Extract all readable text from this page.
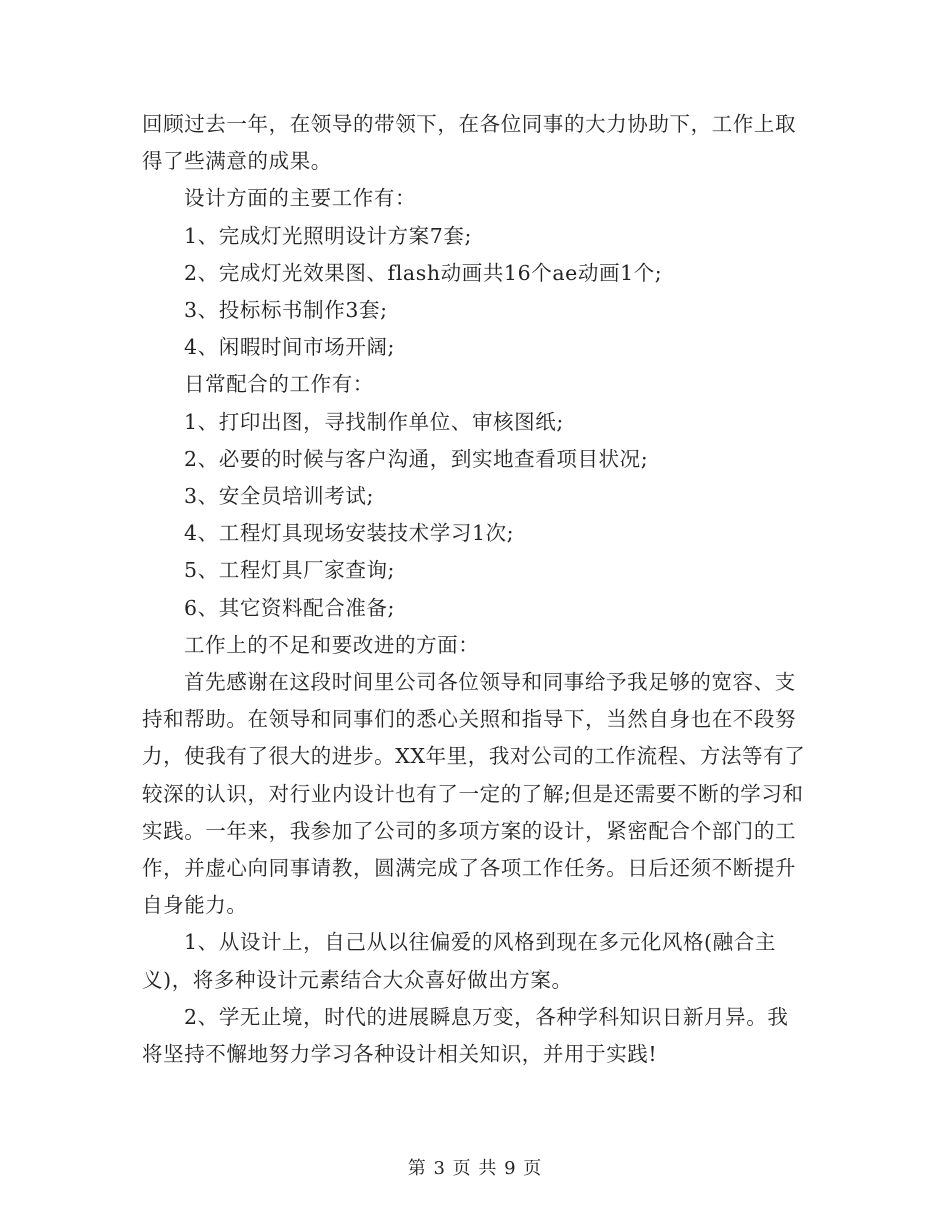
回顾过去一年，在领导的带领下，在各位同事的大力协助下，工作上取得了些满意的成果。

设计方面的主要工作有：

1、完成灯光照明设计方案7套;

2、完成灯光效果图、flash动画共16个ae动画1个;

3、投标标书制作3套;

4、闲暇时间市场开阔;

日常配合的工作有：

1、打印出图，寻找制作单位、审核图纸;

2、必要的时候与客户沟通，到实地查看项目状况;

3、安全员培训考试;

4、工程灯具现场安装技术学习1次;

5、工程灯具厂家查询;

6、其它资料配合准备;

工作上的不足和要改进的方面：

首先感谢在这段时间里公司各位领导和同事给予我足够的宽容、支持和帮助。在领导和同事们的悉心关照和指导下，当然自身也在不段努力，使我有了很大的进步。XX年里，我对公司的工作流程、方法等有了较深的认识，对行业内设计也有了一定的了解;但是还需要不断的学习和实践。一年来，我参加了公司的多项方案的设计，紧密配合个部门的工作，并虚心向同事请教，圆满完成了各项工作任务。日后还须不断提升自身能力。

1、从设计上，自己从以往偏爱的风格到现在多元化风格(融合主义)，将多种设计元素结合大众喜好做出方案。

2、学无止境，时代的进展瞬息万变，各种学科知识日新月异。我将坚持不懈地努力学习各种设计相关知识，并用于实践!

第 3 页 共 9 页
